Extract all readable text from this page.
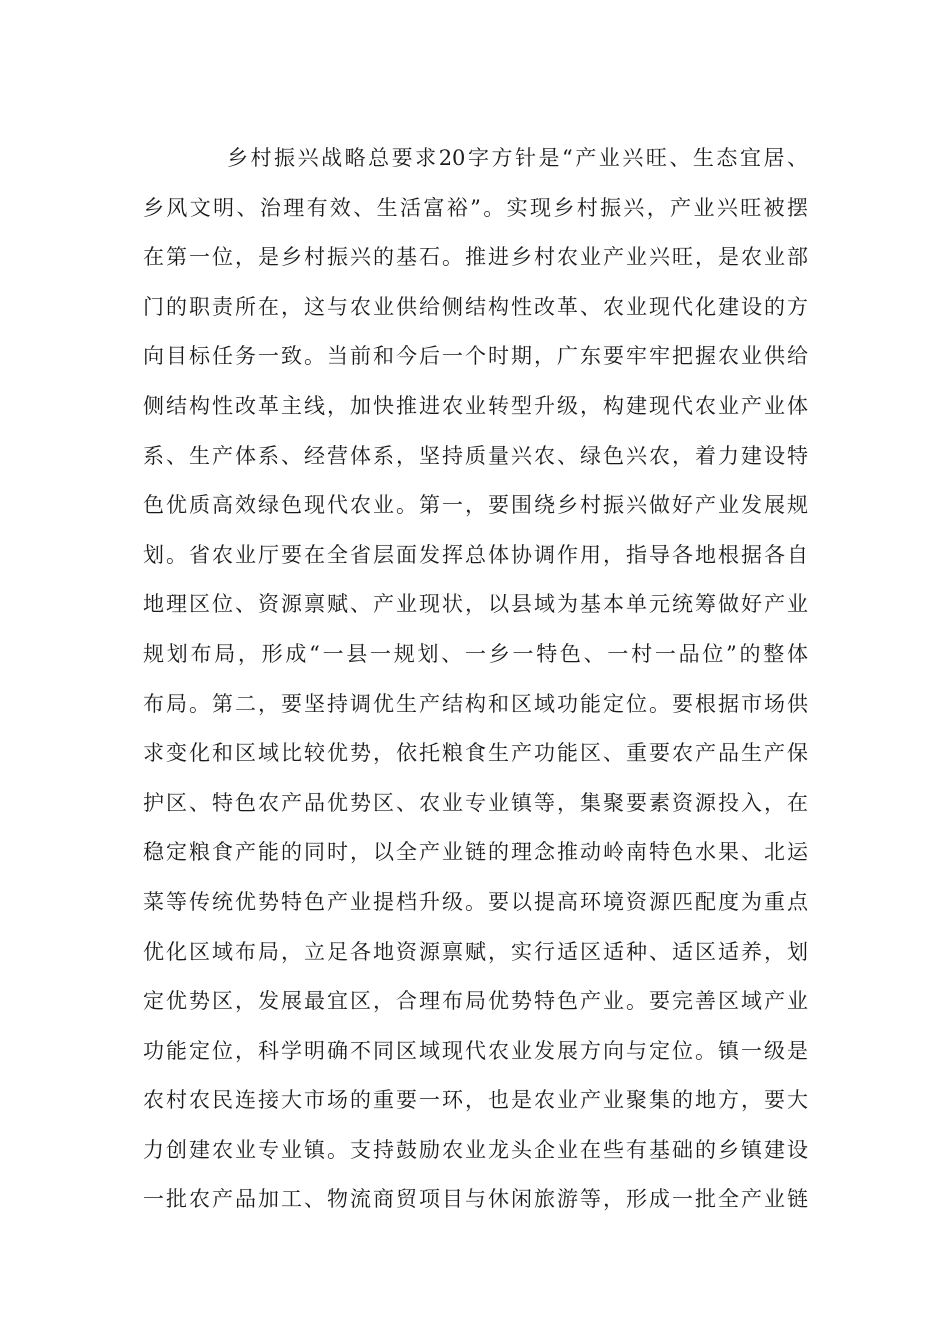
乡村振兴战略总要求20字方针是“产业兴旺、生态宜居、
乡风文明、治理有效、生活富裕”。实现乡村振兴，产业兴旺被摆
在第一位，是乡村振兴的基石。推进乡村农业产业兴旺，是农业部
门的职责所在，这与农业供给侧结构性改革、农业现代化建设的方
向目标任务一致。当前和今后一个时期，广东要牢牢把握农业供给
侧结构性改革主线，加快推进农业转型升级，构建现代农业产业体
系、生产体系、经营体系，坚持质量兴农、绿色兴农，着力建设特
色优质高效绿色现代农业。第一，要围绕乡村振兴做好产业发展规
划。省农业厅要在全省层面发挥总体协调作用，指导各地根据各自
地理区位、资源禀赋、产业现状，以县域为基本单元统筹做好产业
规划布局，形成“一县一规划、一乡一特色、一村一品位”的整体
布局。第二，要坚持调优生产结构和区域功能定位。要根据市场供
求变化和区域比较优势，依托粮食生产功能区、重要农产品生产保
护区、特色农产品优势区、农业专业镇等，集聚要素资源投入，在
稳定粮食产能的同时，以全产业链的理念推动岭南特色水果、北运
菜等传统优势特色产业提档升级。要以提高环境资源匹配度为重点
优化区域布局，立足各地资源禀赋，实行适区适种、适区适养，划
定优势区，发展最宜区，合理布局优势特色产业。要完善区域产业
功能定位，科学明确不同区域现代农业发展方向与定位。镇一级是
农村农民连接大市场的重要一环，也是农业产业聚集的地方，要大
力创建农业专业镇。支持鼓励农业龙头企业在些有基础的乡镇建设
一批农产品加工、物流商贸项目与休闲旅游等，形成一批全产业链
